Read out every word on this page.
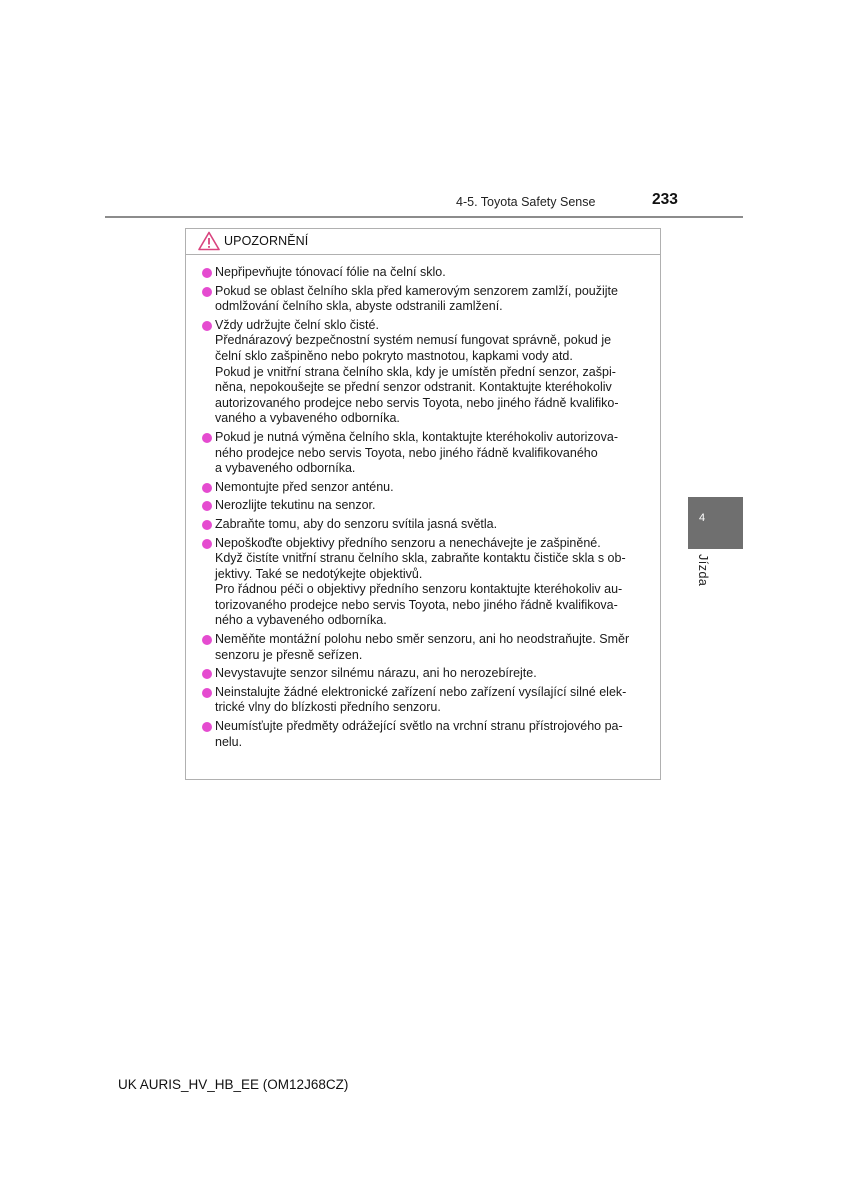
4-5. Toyota Safety Sense	233
UPOZORNĚNÍ
Nepřipevňujte tónovací fólie na čelní sklo.
Pokud se oblast čelního skla před kamerovým senzorem zamlží, použijte
odmlžování čelního skla, abyste odstranili zamlžení.
Vždy udržujte čelní sklo čisté.
Přednárazový bezpečnostní systém nemusí fungovat správně, pokud je
čelní sklo zašpiněno nebo pokryto mastnotou, kapkami vody atd.
Pokud je vnitřní strana čelního skla, kdy je umístěn přední senzor, zašpi-
něna, nepokoušejte se přední senzor odstranit. Kontaktujte kteréhokoliv
autorizovaného prodejce nebo servis Toyota, nebo jiného řádně kvalifiko-
vaného a vybaveného odborníka.
Pokud je nutná výměna čelního skla, kontaktujte kteréhokoliv autorizova-
ného prodejce nebo servis Toyota, nebo jiného řádně kvalifikovaného
a vybaveného odborníka.
Nemontujte před senzor anténu.
Nerozlijte tekutinu na senzor.
Zabraňte tomu, aby do senzoru svítila jasná světla.
Nepoškoďte objektivy předního senzoru a nenechávejte je zašpiněné.
Když čistíte vnitřní stranu čelního skla, zabraňte kontaktu čističe skla s ob-
jektivy. Také se nedotýkejte objektivů.
Pro řádnou péči o objektivy předního senzoru kontaktujte kteréhokoliv au-
torizovaného prodejce nebo servis Toyota, nebo jiného řádně kvalifikova-
ného a vybaveného odborníka.
Neměňte montážní polohu nebo směr senzoru, ani ho neodstraňujte. Směr
senzoru je přesně seřízen.
Nevystavujte senzor silnému nárazu, ani ho nerozebírejte.
Neinstalujte žádné elektronické zařízení nebo zařízení vysílající silné elek-
trické vlny do blízkosti předního senzoru.
Neumísťujte předměty odrážející světlo na vrchní stranu přístrojového pa-
nelu.
4
Jízda
UK AURIS_HV_HB_EE (OM12J68CZ)
